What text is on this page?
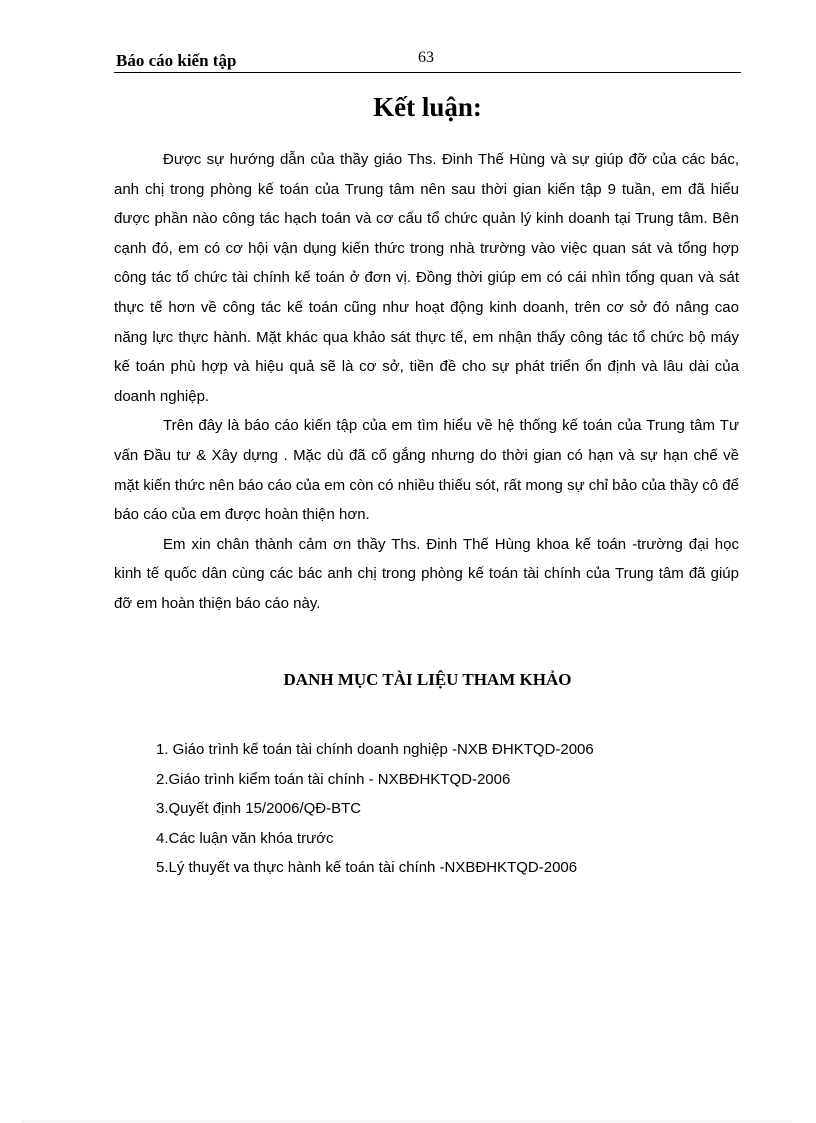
Báo cáo kiến tập	63
Kết luận:

Được sự hướng dẫn của thầy giáo Ths. Đinh Thế Hùng và sự giúp đỡ của các bác, anh chị trong phòng kế toán của Trung tâm nên sau thời gian kiến tập 9 tuần, em đã hiểu được phần nào công tác hạch toán và cơ cấu tổ chức quản lý kinh doanh tại Trung tâm. Bên cạnh đó, em có cơ hội vận dụng kiến thức trong nhà trường vào việc quan sát và tổng hợp công tác tổ chức tài chính kế toán ở đơn vị. Đồng thời giúp em có cái nhìn tổng quan và sát thực tế hơn về công tác kế toán cũng như hoạt động kinh doanh, trên cơ sở đó nâng cao năng lực thực hành. Mặt khác qua khảo sát thực tế, em nhận thấy công tác tổ chức bộ máy kế toán phù hợp và hiệu quả sẽ là cơ sở, tiền đề cho sự phát triển ổn định và lâu dài của doanh nghiệp.

Trên đây là báo cáo kiến tập của em tìm hiểu về hệ thống kế toán của Trung tâm Tư vấn Đầu tư & Xây dựng . Mặc dù đã cố gắng nhưng do thời gian có hạn và sự hạn chế về mặt kiến thức nên báo cáo của em còn có nhiều thiếu sót, rất mong sự chỉ bảo của thầy cô để báo cáo của em được hoàn thiện hơn.

Em xin chân thành cảm ơn thầy Ths. Đinh Thế Hùng khoa kế toán -trường đại học kinh tế quốc dân cùng các bác anh chị trong phòng kế toán tài chính của Trung tâm đã giúp đỡ em hoàn thiện báo cáo này.

DANH MỤC TÀI LIỆU THAM KHẢO
1. Giáo trình kế toán tài chính doanh nghiệp -NXB ĐHKTQD-2006
2.Giáo trình kiểm toán tài chính - NXBĐHKTQD-2006
3.Quyết định 15/2006/QĐ-BTC
4.Các luận văn khóa trước
5.Lý thuyết va thực hành kế toán tài chính -NXBĐHKTQD-2006
